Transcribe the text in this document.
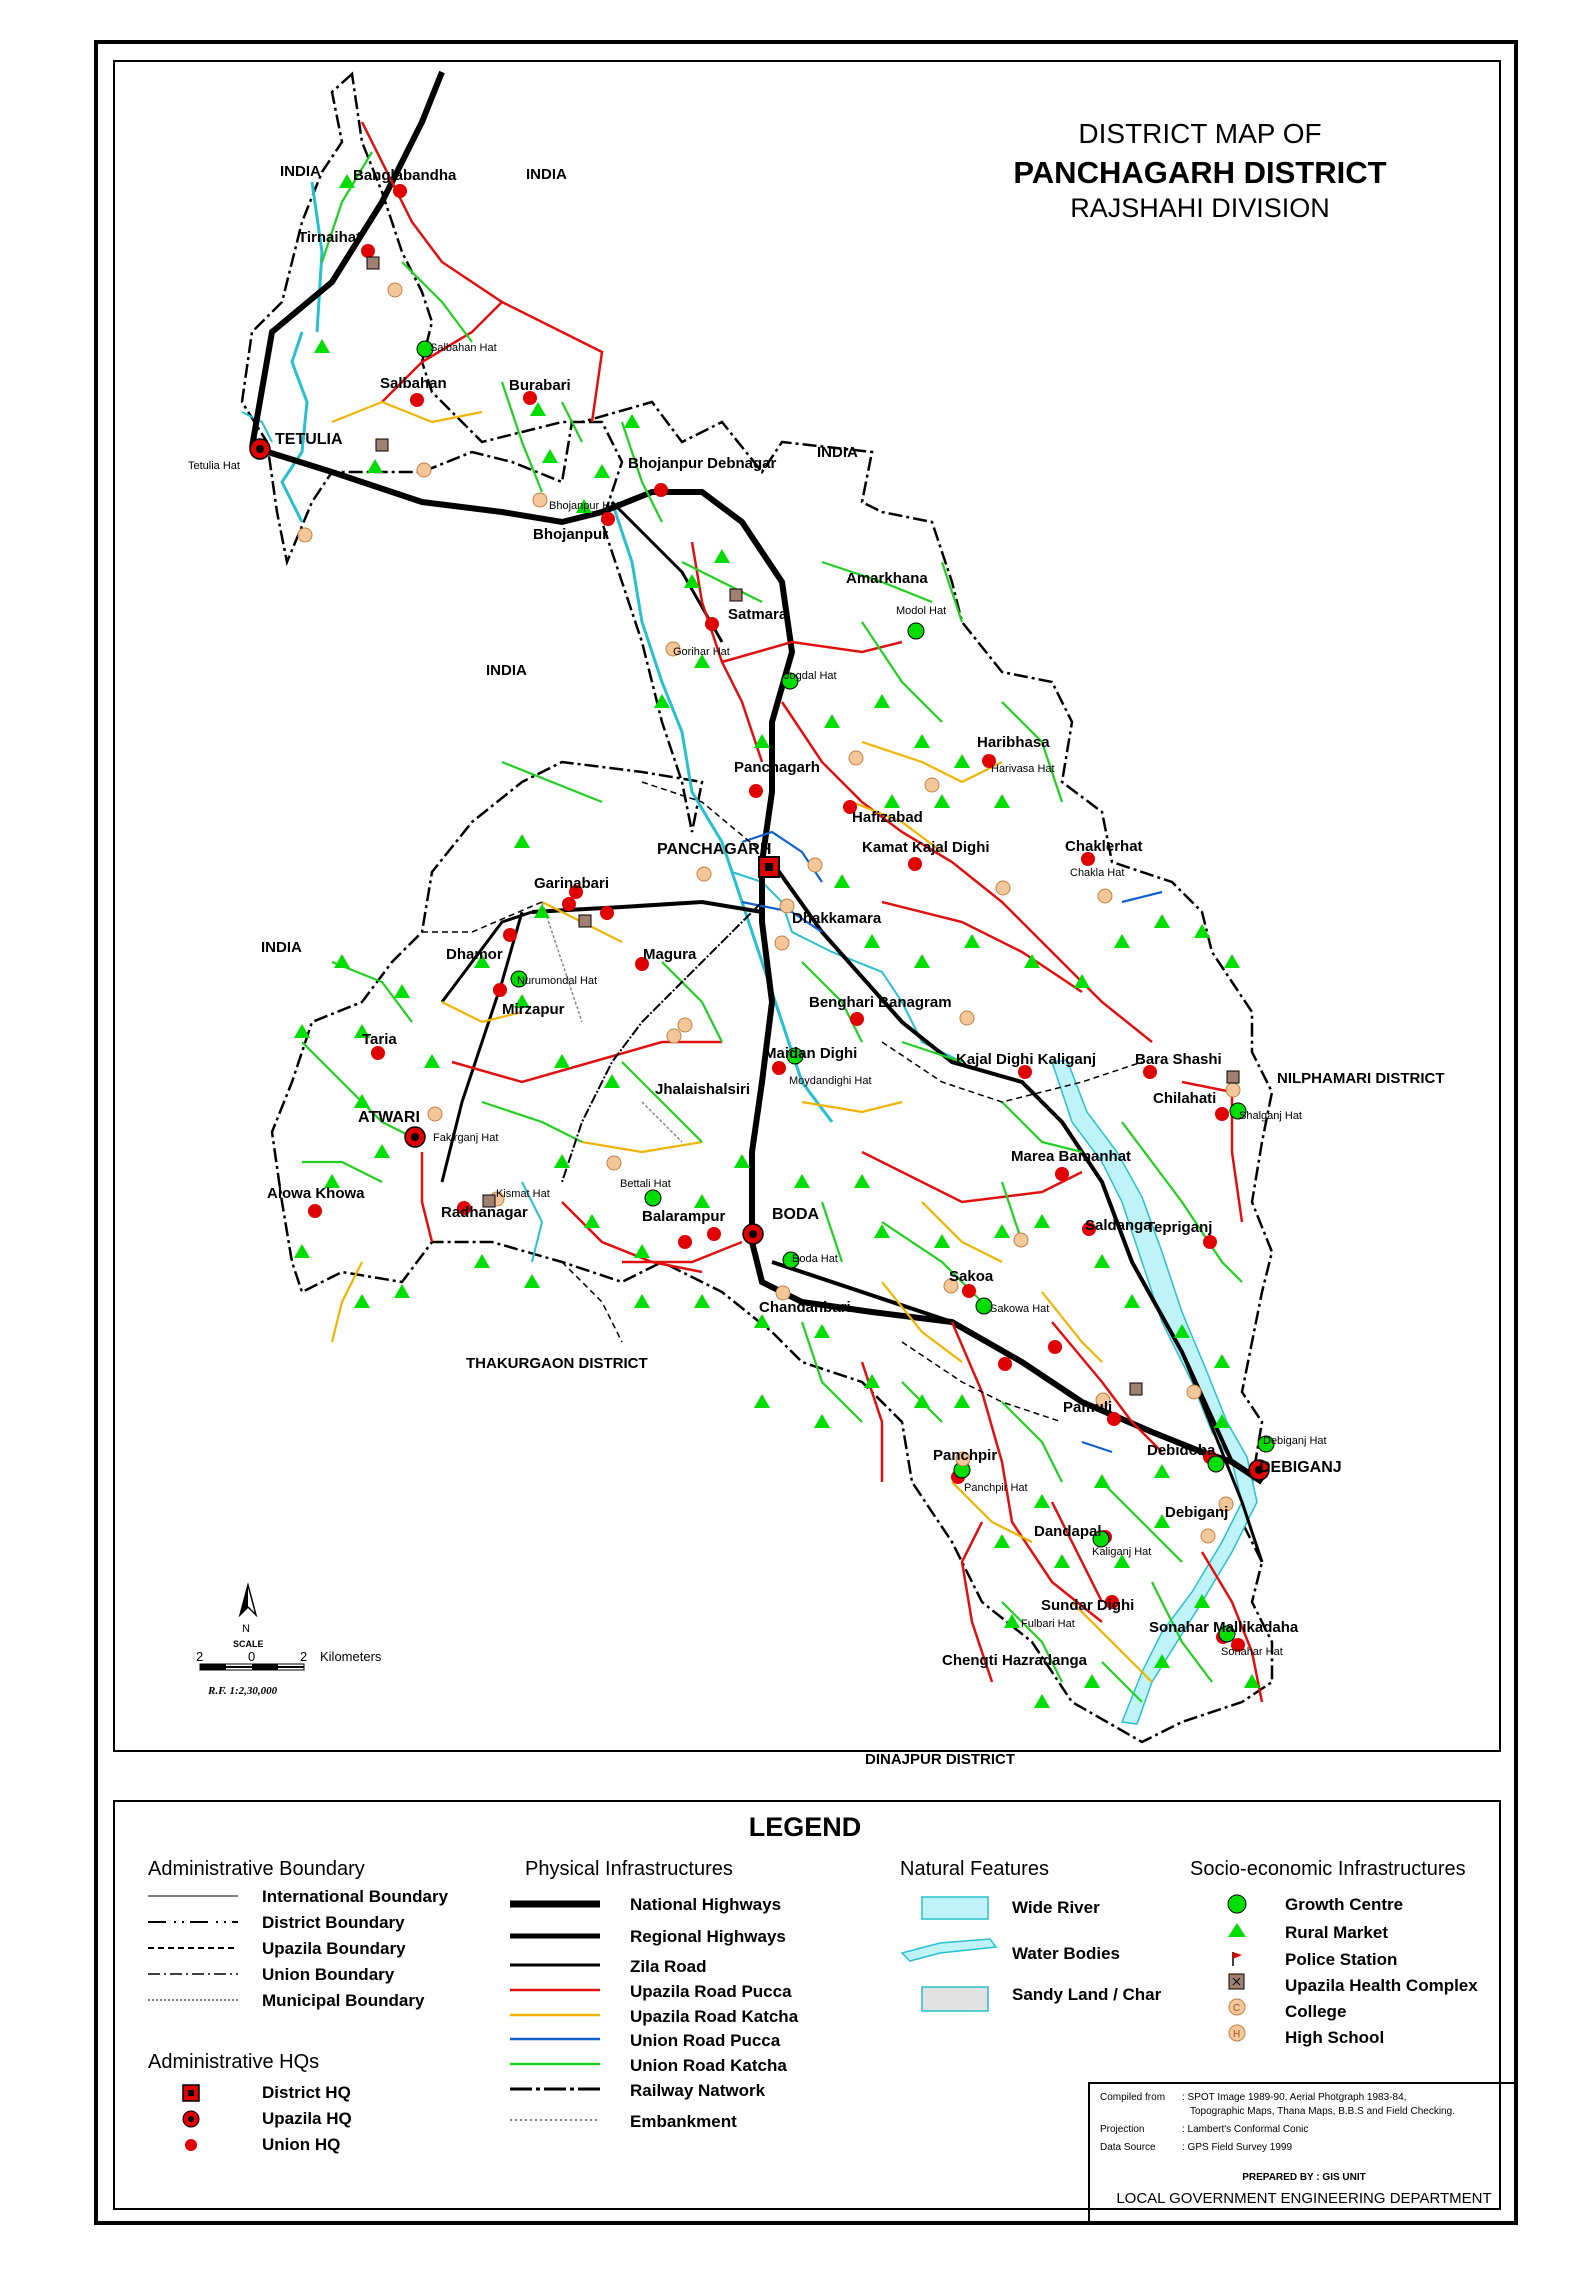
INDIA	INDIA
INDIA
INDIA
INDIA
NILPHAMARI DISTRICT
THAKURGAON DISTRICT
DINAJPUR DISTRICT
TETULIA
PANCHAGARH
ATWARI
BODA
DEBIGANJ
Banglabandha
Tirnaihat
Salbahan Hat
Salbahan	Burabari
Tetulia Hat	Bhojanpur Debnagar
Bhojanpur Hat
Bhojanpur
Satmara
Gorihar Hat
Jogdal Hat
Amarkhana
Modol Hat
Panchagarh
Haribhasa
Harivasa Hat
Hafizabad
Kamat Kajal Dighi	Chaklerhat
Chakla Hat
Garinabari
Dhakkamara
Dhamor	Magura
Nurumondal Hat
Mirzapur	Benghari Banagram
Taria
Maidan Dighi
Moydandighi Hat
Kajal Dighi Kaliganj	Bara Shashi
Chilahati
Shalganj Hat
Jhalaishalsiri
Fakirganj Hat
Kismat Hat
Marea Bamanhat
Alowa Khowa
Radhanagar
Bettali Hat
Balarampur
Saldanga
Tepriganj
Boda Hat
Sakoa
Sakowa Hat
Chandanbari
Pamuli
Debidoba
Debiganj Hat
Panchpir
Panchpir Hat
Debiganj
Dandapal
Kaliganj Hat
Sundar Dighi
Fulbari Hat	Sonahar Mallikadaha
Sonahar Hat
Chengti Hazradanga
DISTRICT MAP OF
PANCHAGARH DISTRICT
RAJSHAHI DIVISION
N
SCALE
2	0	2 Kilometers
R.F. 1:2,30,000
LEGEND
Administrative Boundary
International Boundary
District Boundary
Upazila Boundary
Union Boundary
Municipal Boundary
Administrative HQs
District HQ
Upazila HQ
Union HQ
Physical Infrastructures
National Highways
Regional Highways
Zila Road
Upazila Road Pucca
Upazila Road Katcha
Union Road Pucca
Union Road Katcha
Railway Natwork
Embankment
Natural Features
Wide River
Water Bodies
Sandy Land / Char
Socio-economic Infrastructures
C
H
Growth Centre
Rural Market
Police Station
Upazila Health Complex
College
High School
Compiled from : SPOT Image 1989-90, Aerial Photgraph 1983-84,
Topographic Maps, Thana Maps, B.B.S and Field Checking.
Projection	: Lambert's Conformal Conic
Data Source	: GPS Field Survey 1999
PREPARED BY : GIS UNIT
LOCAL GOVERNMENT ENGINEERING DEPARTMENT
